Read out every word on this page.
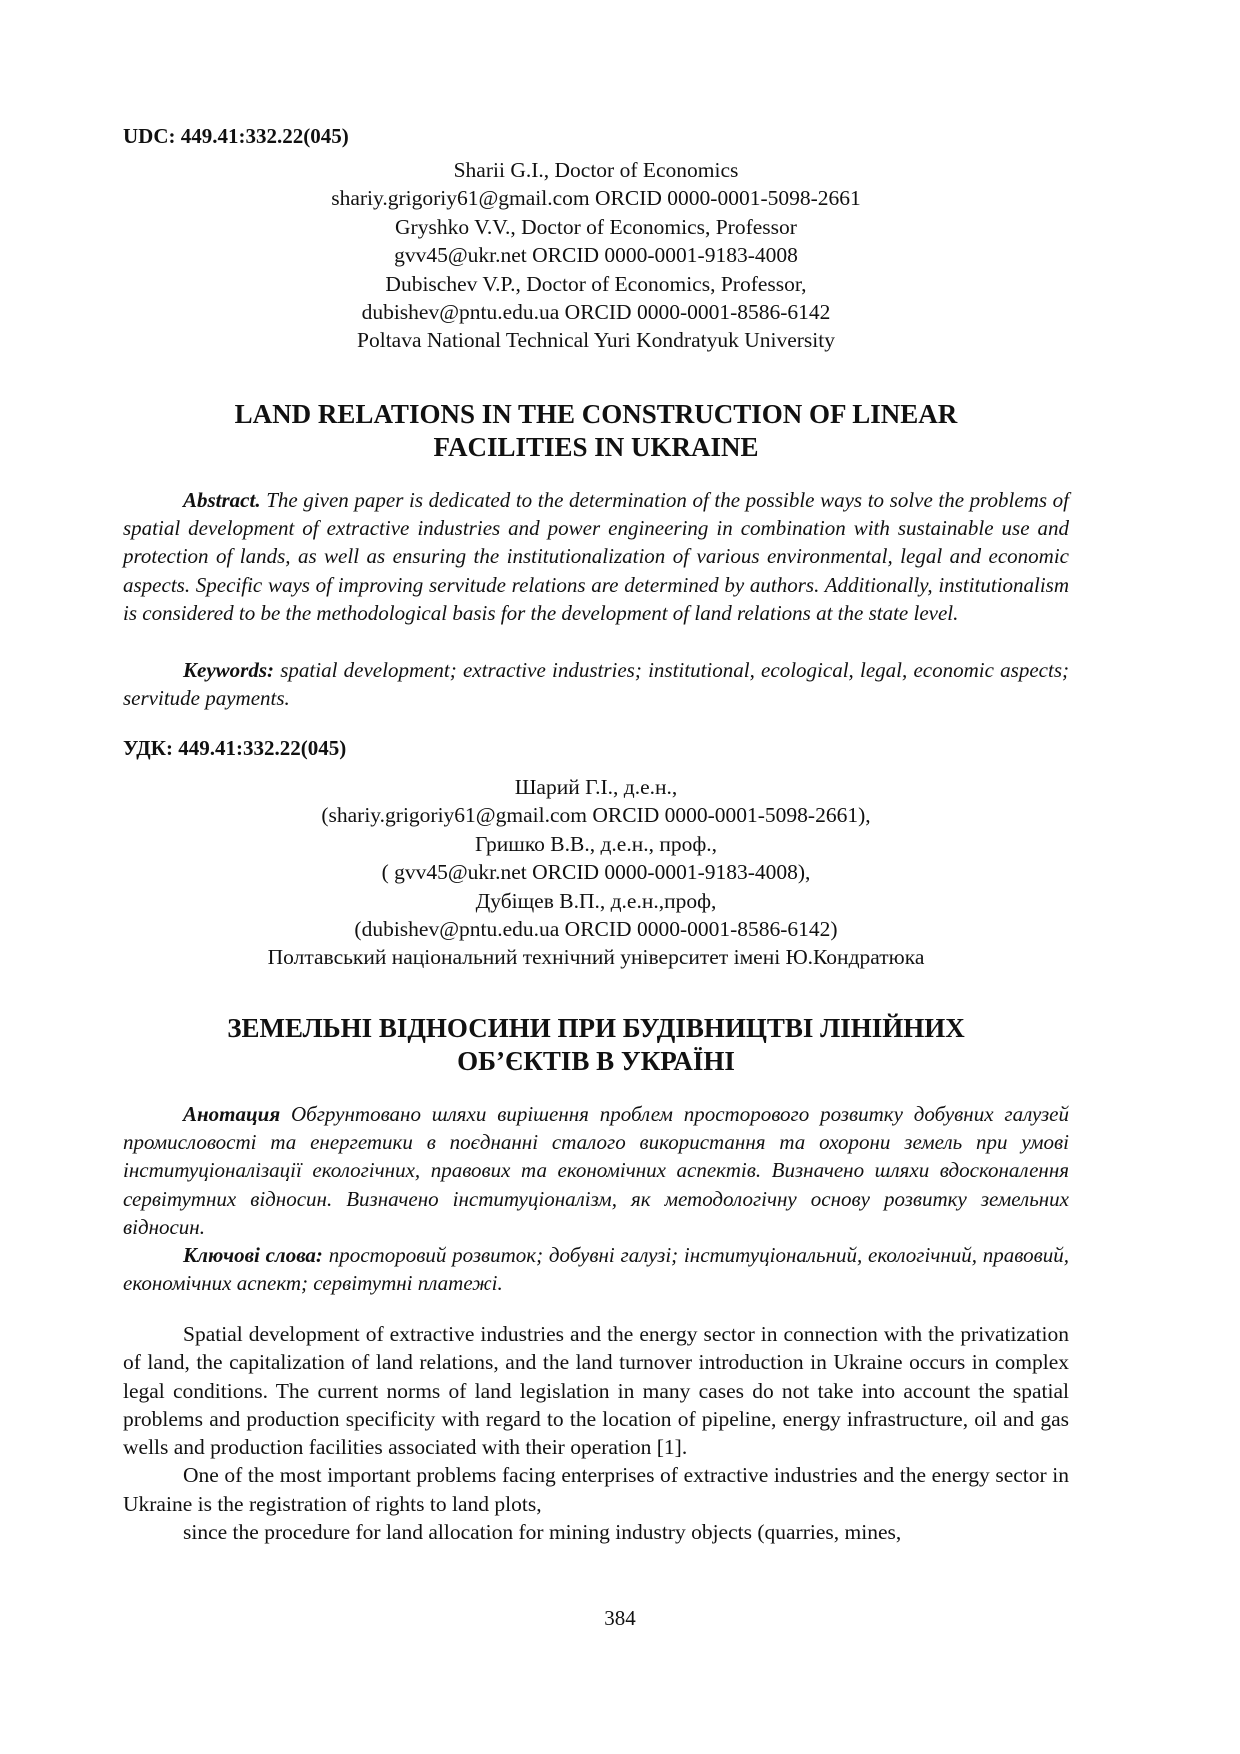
UDC: 449.41:332.22(045)
Sharii G.I., Doctor of Economics
shariy.grigoriy61@gmail.com ORCID 0000-0001-5098-2661
Gryshko V.V., Doctor of Economics, Professor
gvv45@ukr.net ORCID 0000-0001-9183-4008
Dubischev V.P., Doctor of Economics, Professor,
dubishev@pntu.edu.ua ORCID 0000-0001-8586-6142
Poltava National Technical Yuri Kondratyuk University
LAND RELATIONS IN THE CONSTRUCTION OF LINEAR
FACILITIES IN UKRAINE
Abstract. The given paper is dedicated to the determination of the possible ways to solve the problems of spatial development of extractive industries and power engineering in combination with sustainable use and protection of lands, as well as ensuring the institutionalization of various environmental, legal and economic aspects. Specific ways of improving servitude relations are determined by authors. Additionally, institutionalism is considered to be the methodological basis for the development of land relations at the state level.
Keywords: spatial development; extractive industries; institutional, ecological, legal, economic aspects; servitude payments.
УДК: 449.41:332.22(045)
Шарий Г.І., д.е.н.,
(shariy.grigoriy61@gmail.com ORCID 0000-0001-5098-2661),
Гришко В.В., д.е.н., проф.,
( gvv45@ukr.net ORCID 0000-0001-9183-4008),
Дубіщев В.П., д.е.н.,проф,
(dubishev@pntu.edu.ua ORCID 0000-0001-8586-6142)
Полтавський національний технічний університет імені Ю.Кондратюка
ЗЕМЕЛЬНІ ВІДНОСИНИ ПРИ БУДІВНИЦТВІ ЛІНІЙНИХ
ОБ’ЄКТІВ В УКРАЇНІ
Анотация Обгрунтовано шляхи вирішення проблем просторового розвитку добувних галузей промисловості та енергетики в поєднанні сталого використання та охорони земель при умові інституціоналізації екологічних, правових та економічних аспектів. Визначено шляхи вдосконалення сервітутних відносин. Визначено інституціоналізм, як методологічну основу розвитку земельних відносин.
Ключові слова: просторовий розвиток; добувні галузі; інституціональний, екологічний, правовий, економічних аспект; сервітутні платежі.

Spatial development of extractive industries and the energy sector in connection with the privatization of land, the capitalization of land relations, and the land turnover introduction in Ukraine occurs in complex legal conditions. The current norms of land legislation in many cases do not take into account the spatial problems and production specificity with regard to the location of pipeline, energy infrastructure, oil and gas wells and production facilities associated with their operation [1].

One of the most important problems facing enterprises of extractive industries and the energy sector in Ukraine is the registration of rights to land plots,

since the procedure for land allocation for mining industry objects (quarries, mines,

384
